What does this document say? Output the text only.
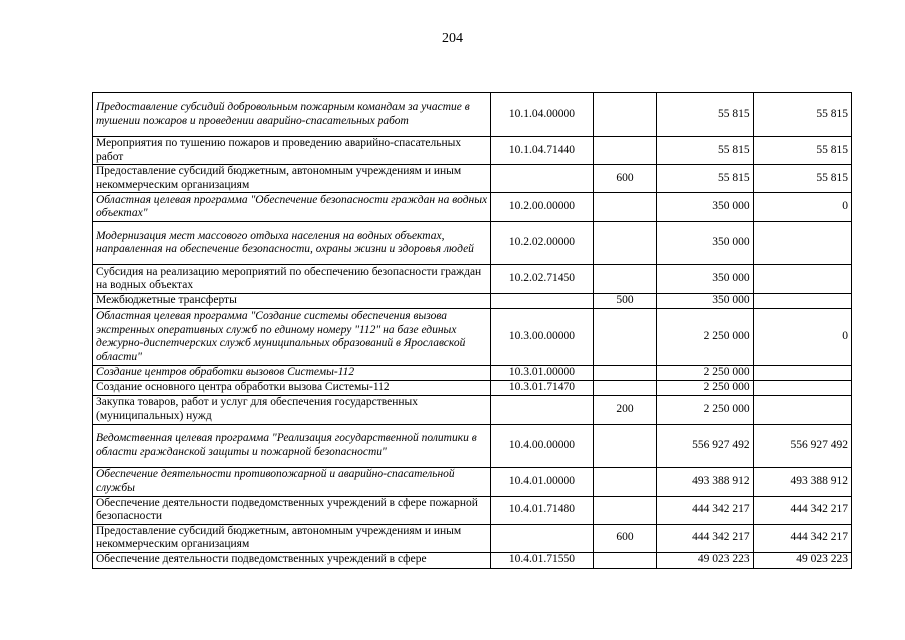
204
Предоставление субсидий добровольным пожарным командам за участие в тушении пожаров и проведении аварийно-спасательных работ	10.1.04.00000		55 815	55 815
Мероприятия по тушению пожаров и проведению аварийно-спасательных работ	10.1.04.71440		55 815	55 815
Предоставление субсидий бюджетным, автономным учреждениям и иным некоммерческим организациям		600	55 815	55 815
Областная целевая программа "Обеспечение безопасности граждан на водных объектах"	10.2.00.00000		350 000	0
Модернизация мест массового отдыха населения на водных объектах, направленная на обеспечение безопасности, охраны жизни и здоровья людей	10.2.02.00000		350 000	
Субсидия на реализацию мероприятий по обеспечению безопасности граждан на водных объектах	10.2.02.71450		350 000	
Межбюджетные трансферты		500	350 000	
Областная целевая программа "Создание системы обеспечения вызова экстренных оперативных служб по единому номеру "112" на базе единых дежурно-диспетчерских служб муниципальных образований в Ярославской области"	10.3.00.00000		2 250 000	0
Создание центров обработки вызовов Системы-112	10.3.01.00000		2 250 000	
Создание основного центра обработки вызова Системы-112	10.3.01.71470		2 250 000	
Закупка товаров, работ и услуг для обеспечения государственных (муниципальных) нужд		200	2 250 000	
Ведомственная целевая программа "Реализация государственной политики в области гражданской защиты и пожарной безопасности"	10.4.00.00000		556 927 492	556 927 492
Обеспечение деятельности противопожарной и аварийно-спасательной службы	10.4.01.00000		493 388 912	493 388 912
Обеспечение деятельности подведомственных учреждений в сфере пожарной безопасности	10.4.01.71480		444 342 217	444 342 217
Предоставление субсидий бюджетным, автономным учреждениям и иным некоммерческим организациям		600	444 342 217	444 342 217
Обеспечение деятельности подведомственных учреждений в сфере	10.4.01.71550		49 023 223	49 023 223
